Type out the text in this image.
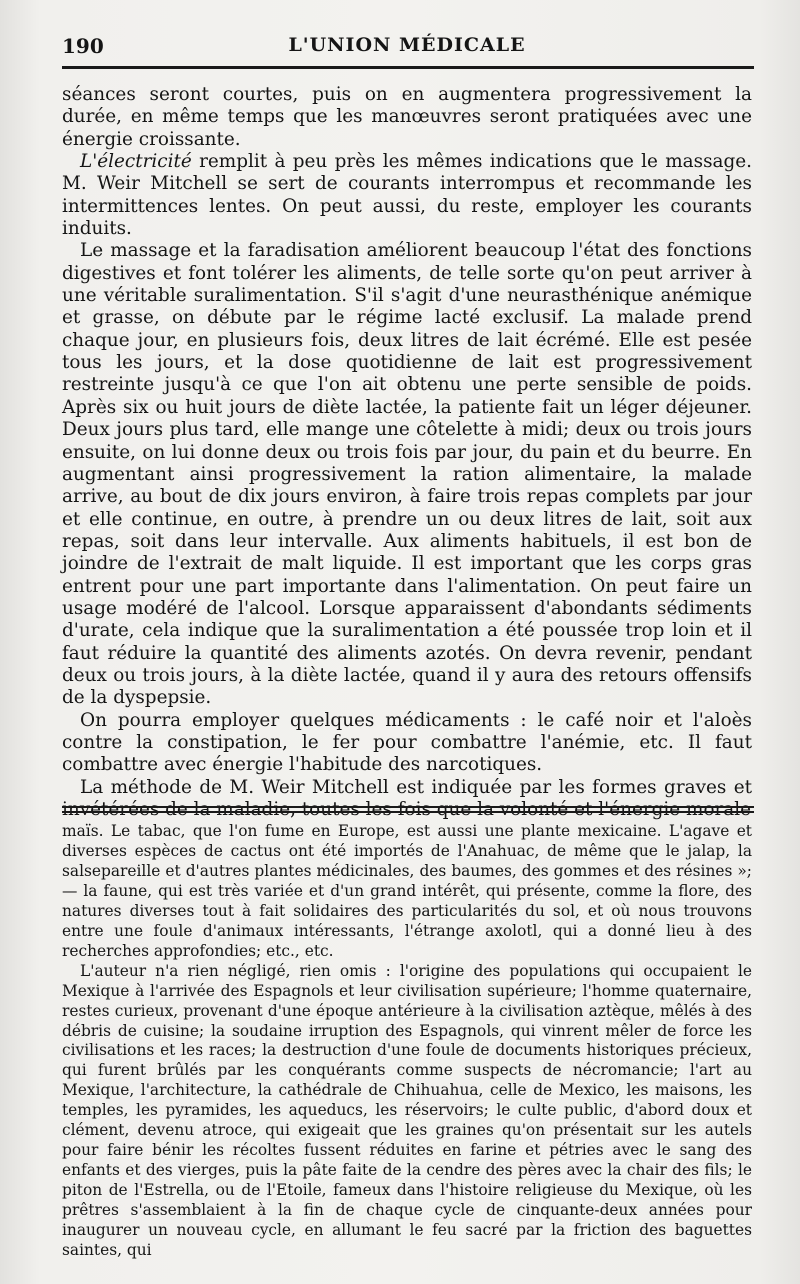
190	L'UNION MÉDICALE

séances seront courtes, puis on en augmentera progressivement la durée, en même temps que les manœuvres seront pratiquées avec une énergie croissante.

L'électricité remplit à peu près les mêmes indications que le massage. M. Weir Mitchell se sert de courants interrompus et recommande les intermittences lentes. On peut aussi, du reste, employer les courants induits.

Le massage et la faradisation améliorent beaucoup l'état des fonctions digestives et font tolérer les aliments, de telle sorte qu'on peut arriver à une véritable suralimentation. S'il s'agit d'une neurasthénique anémique et grasse, on débute par le régime lacté exclusif. La malade prend chaque jour, en plusieurs fois, deux litres de lait écrémé. Elle est pesée tous les jours, et la dose quotidienne de lait est progressivement restreinte jusqu'à ce que l'on ait obtenu une perte sensible de poids. Après six ou huit jours de diète lactée, la patiente fait un léger déjeuner. Deux jours plus tard, elle mange une côtelette à midi; deux ou trois jours ensuite, on lui donne deux ou trois fois par jour, du pain et du beurre. En augmentant ainsi progressivement la ration alimentaire, la malade arrive, au bout de dix jours environ, à faire trois repas complets par jour et elle continue, en outre, à prendre un ou deux litres de lait, soit aux repas, soit dans leur intervalle. Aux aliments habituels, il est bon de joindre de l'extrait de malt liquide. Il est important que les corps gras entrent pour une part importante dans l'alimentation. On peut faire un usage modéré de l'alcool. Lorsque apparaissent d'abondants sédiments d'urate, cela indique que la suralimentation a été poussée trop loin et il faut réduire la quantité des aliments azotés. On devra revenir, pendant deux ou trois jours, à la diète lactée, quand il y aura des retours offensifs de la dyspepsie.

On pourra employer quelques médicaments : le café noir et l'aloès contre la constipation, le fer pour combattre l'anémie, etc. Il faut combattre avec énergie l'habitude des narcotiques.

La méthode de M. Weir Mitchell est indiquée par les formes graves et invétérées de la maladie, toutes les fois que la volonté et l'énergie morale

maïs. Le tabac, que l'on fume en Europe, est aussi une plante mexicaine. L'agave et diverses espèces de cactus ont été importés de l'Anahuac, de même que le jalap, la salsepareille et d'autres plantes médicinales, des baumes, des gommes et des résines »; — la faune, qui est très variée et d'un grand intérêt, qui présente, comme la flore, des natures diverses tout à fait solidaires des particularités du sol, et où nous trouvons entre une foule d'animaux intéressants, l'étrange axolotl, qui a donné lieu à des recherches approfondies; etc., etc.

L'auteur n'a rien négligé, rien omis : l'origine des populations qui occupaient le Mexique à l'arrivée des Espagnols et leur civilisation supérieure; l'homme quaternaire, restes curieux, provenant d'une époque antérieure à la civilisation aztèque, mêlés à des débris de cuisine; la soudaine irruption des Espagnols, qui vinrent mêler de force les civilisations et les races; la destruction d'une foule de documents historiques précieux, qui furent brûlés par les conquérants comme suspects de nécromancie; l'art au Mexique, l'architecture, la cathédrale de Chihuahua, celle de Mexico, les maisons, les temples, les pyramides, les aqueducs, les réservoirs; le culte public, d'abord doux et clément, devenu atroce, qui exigeait que les graines qu'on présentait sur les autels pour faire bénir les récoltes fussent réduites en farine et pétries avec le sang des enfants et des vierges, puis la pâte faite de la cendre des pères avec la chair des fils; le piton de l'Estrella, ou de l'Etoile, fameux dans l'histoire religieuse du Mexique, où les prêtres s'assemblaient à la fin de chaque cycle de cinquante-deux années pour inaugurer un nouveau cycle, en allumant le feu sacré par la friction des baguettes saintes, qui
